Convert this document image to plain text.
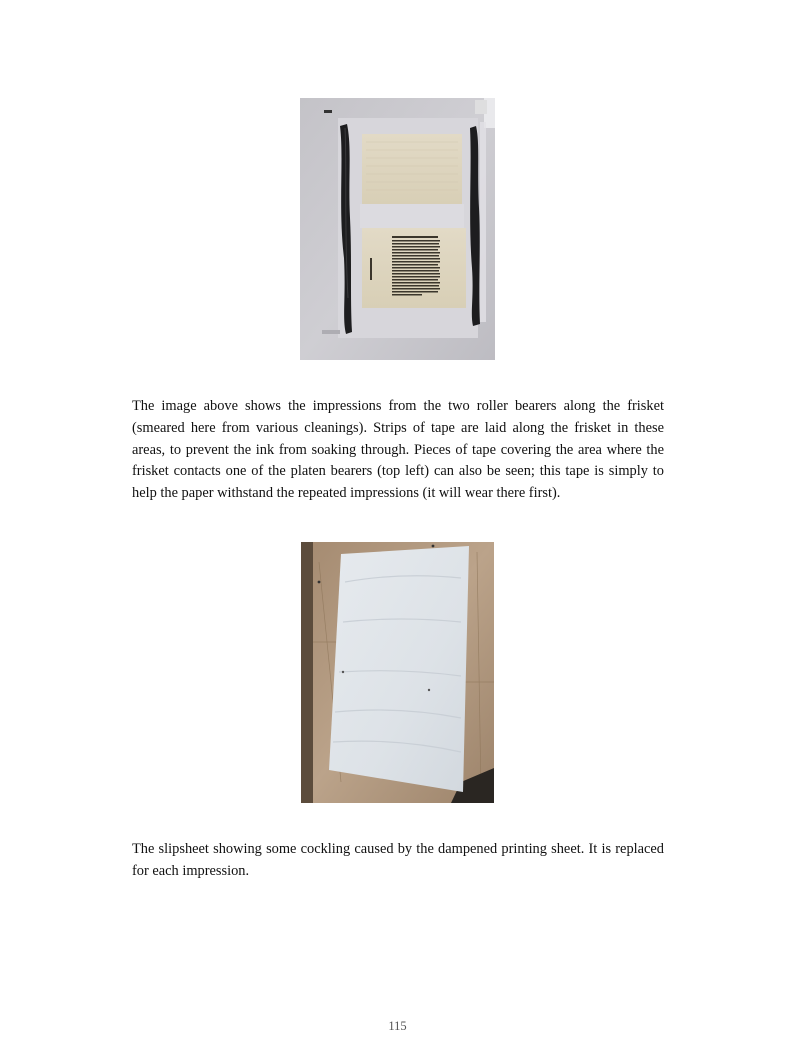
The image above shows the impressions from the two roller bearers along the frisket (smeared here from various cleanings). Strips of tape are laid along the frisket in these areas, to prevent the ink from soaking through. Pieces of tape covering the area where the frisket contacts one of the platen bearers (top left) can also be seen; this tape is simply to help the paper withstand the repeated impressions (it will wear there first).

The slipsheet showing some cockling caused by the dampened printing sheet. It is replaced for each impression.

115
